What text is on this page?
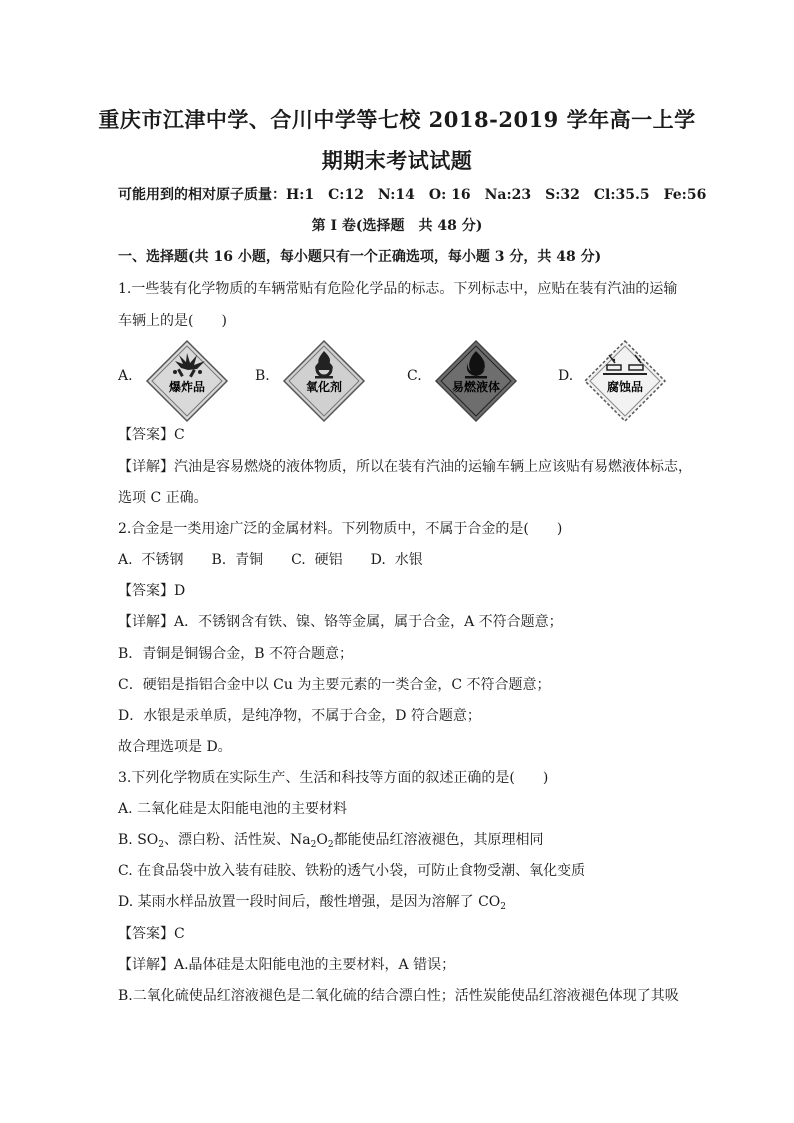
重庆市江津中学、合川中学等七校 2018-2019 学年高一上学
期期末考试试题
可能用到的相对原子质量：H:1　C:12　N:14　O: 16　Na:23　S:32　Cl:35.5　Fe:56
第 I 卷(选择题　共 48 分)
一、选择题(共 16 小题，每小题只有一个正确选项，每小题 3 分，共 48 分)
1.一些装有化学物质的车辆常贴有危险化学品的标志。下列标志中，应贴在装有汽油的运输
车辆上的是(　　)
A.
爆炸品
B.
氧化剂
C.
易燃液体
D.
腐蚀品
【答案】C
【详解】汽油是容易燃烧的液体物质，所以在装有汽油的运输车辆上应该贴有易燃液体标志，
选项 C 正确。
2.合金是一类用途广泛的金属材料。下列物质中，不属于合金的是(　　)
A.  不锈钢　　B.  青铜　　C.  硬铝　　D.  水银
【答案】D
【详解】A．不锈钢含有铁、镍、铬等金属，属于合金，A 不符合题意；
B．青铜是铜锡合金，B 不符合题意；
C．硬铝是指铝合金中以 Cu 为主要元素的一类合金，C 不符合题意；
D．水银是汞单质，是纯净物，不属于合金，D 符合题意；
故合理选项是 D。
3.下列化学物质在实际生产、生活和科技等方面的叙述正确的是(　　)
A. 二氧化硅是太阳能电池的主要材料
B. $SO_2$、漂白粉、活性炭、$Na_2O_2$都能使品红溶液褪色，其原理相同
C. 在食品袋中放入装有硅胶、铁粉的透气小袋，可防止食物受潮、氧化变质
D. 某雨水样品放置一段时间后，酸性增强，是因为溶解了 $CO_2$
【答案】C
【详解】A.晶体硅是太阳能电池的主要材料，A 错误；
B.二氧化硫使品红溶液褪色是二氧化硫的结合漂白性；活性炭能使品红溶液褪色体现了其吸
